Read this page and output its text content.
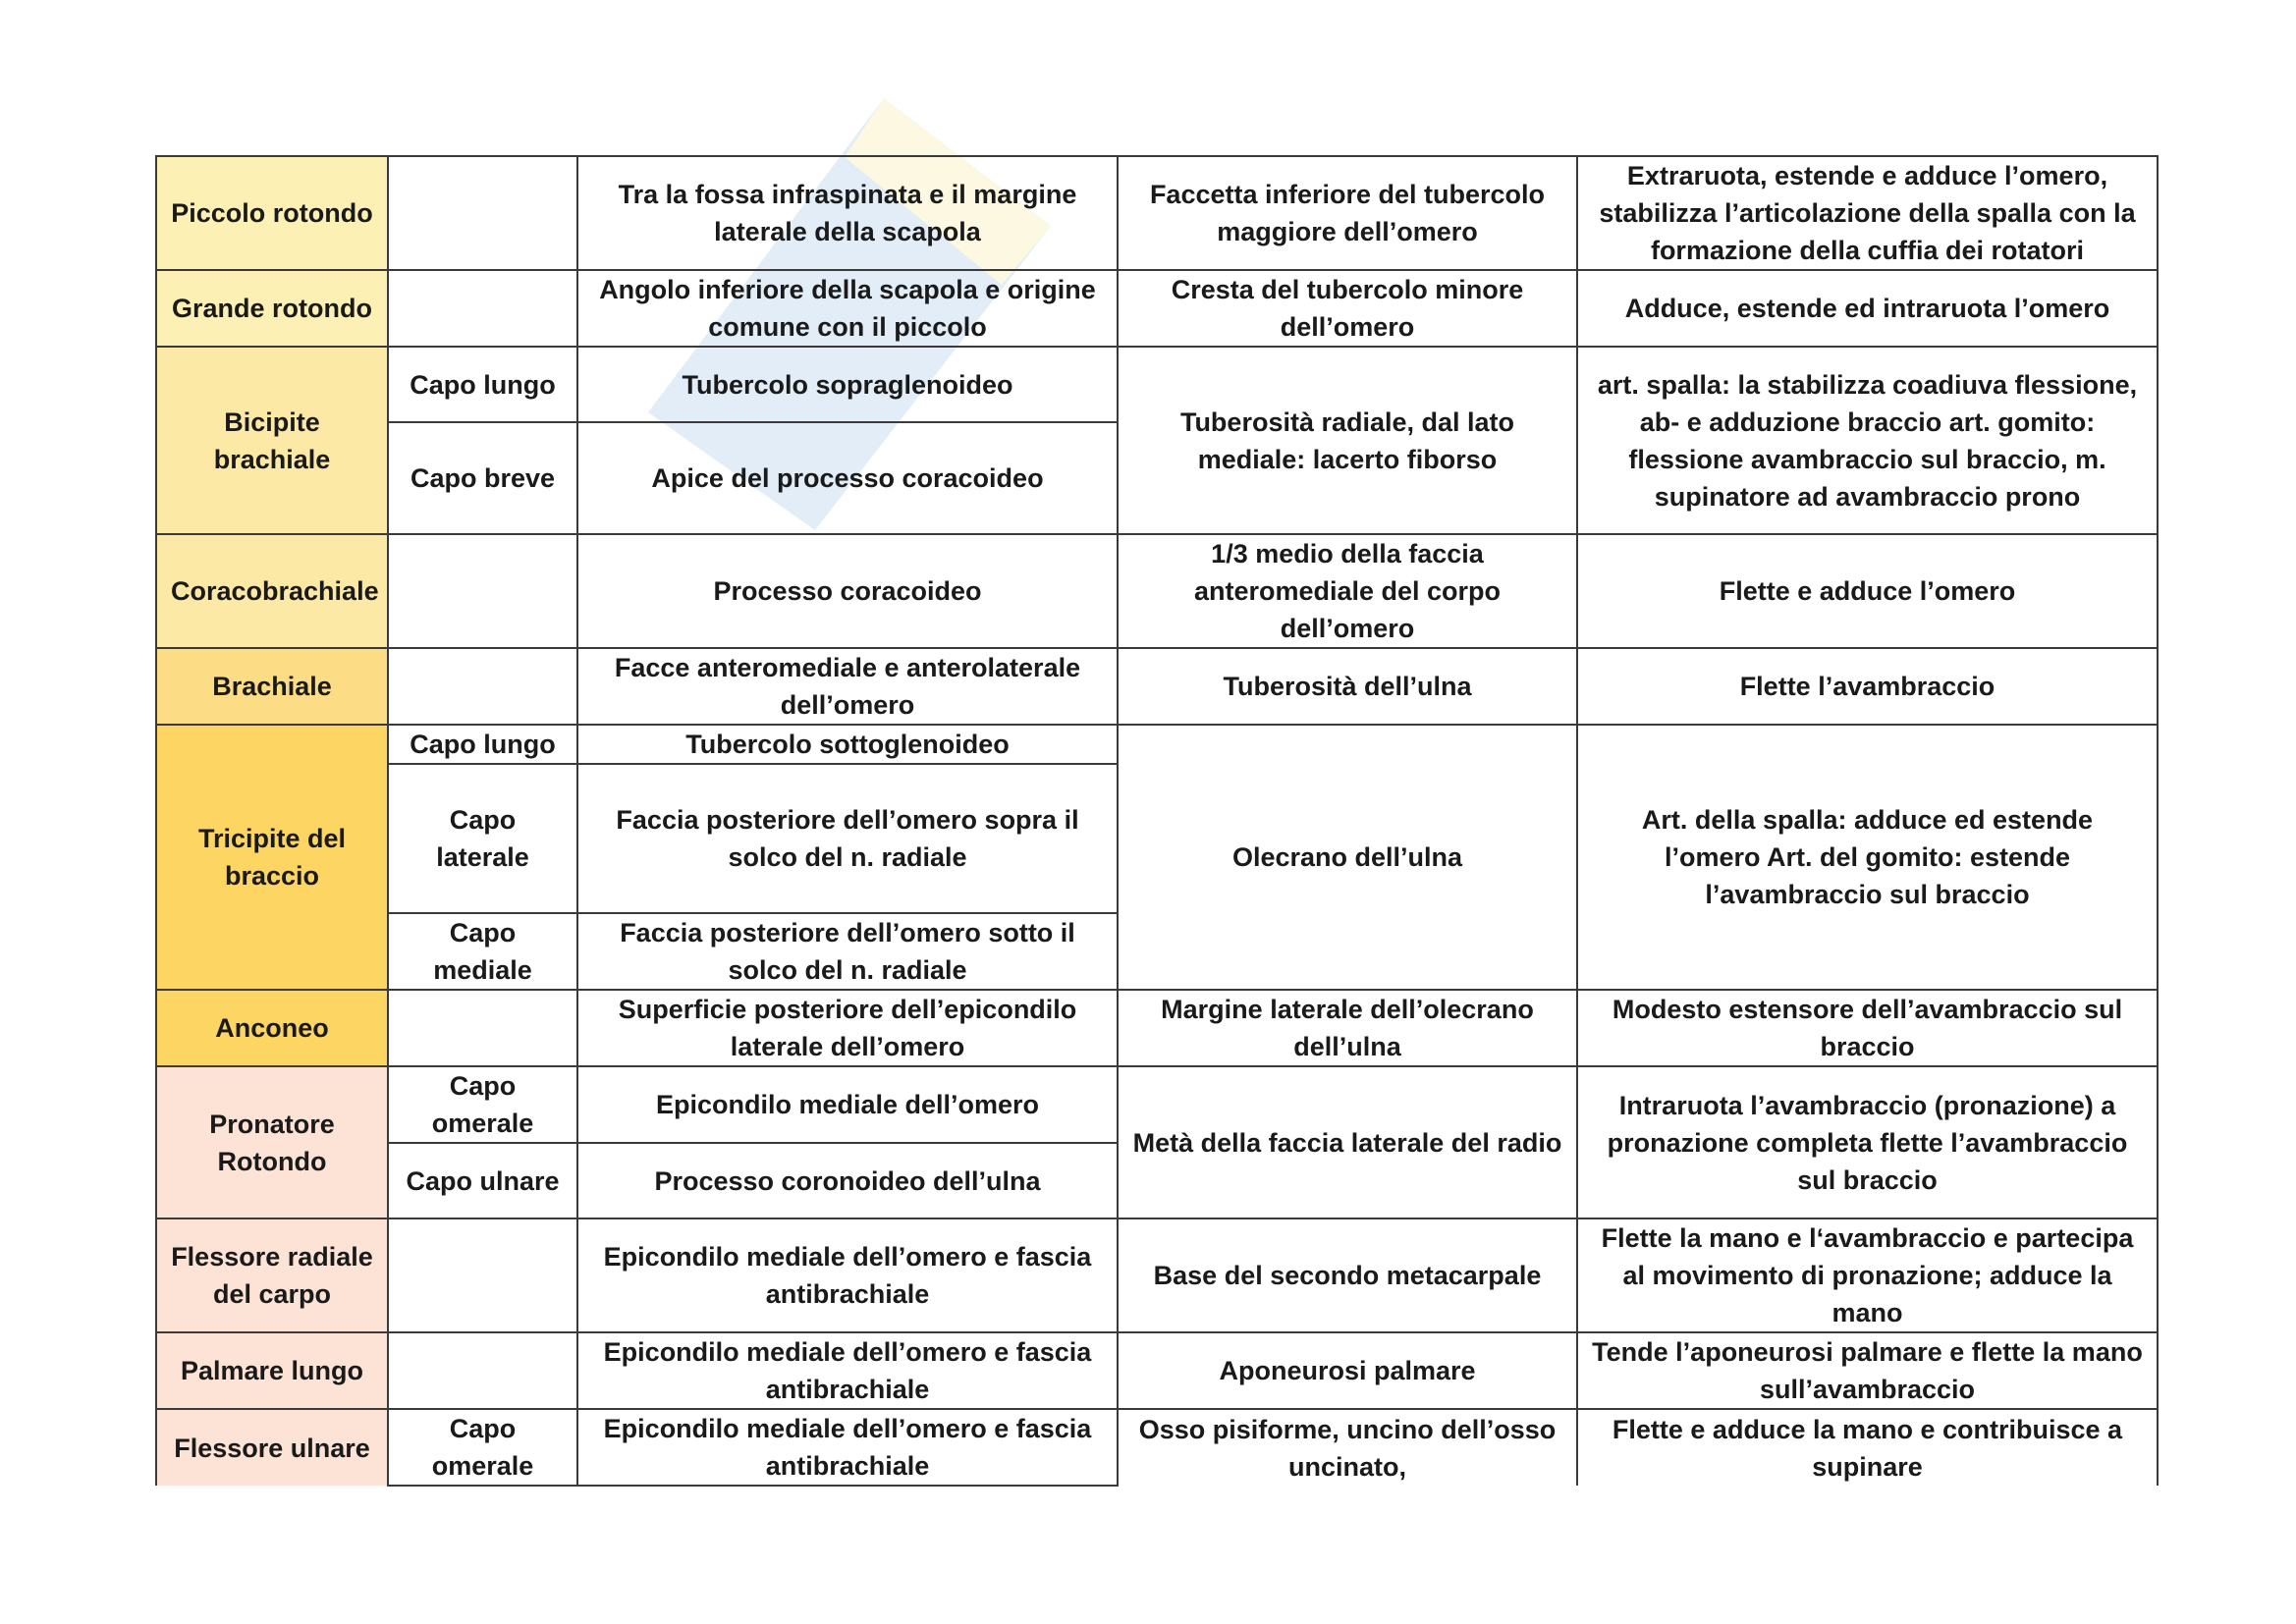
Piccolo rotondo		Tra la fossa infraspinata e il margine laterale della scapola	Faccetta inferiore del tubercolo maggiore dell’omero	Extraruota, estende e adduce l’omero, stabilizza l’articolazione della spalla con la formazione della cuffia dei rotatori
Grande rotondo		Angolo inferiore della scapola e origine comune con il piccolo	Cresta del tubercolo minore dell’omero	Adduce, estende ed intraruota l’omero
Bicipite brachiale	Capo lungo	Tubercolo sopraglenoideo	Tuberosità radiale, dal lato mediale: lacerto fiborso	art. spalla: la stabilizza coadiuva flessione, ab- e adduzione braccio art. gomito: flessione avambraccio sul braccio, m. supinatore ad avambraccio prono
	Capo breve	Apice del processo coracoideo		
Coracobrachiale		Processo coracoideo	1/3 medio della faccia anteromediale del corpo dell’omero	Flette e adduce l’omero
Brachiale		Facce anteromediale e anterolaterale dell’omero	Tuberosità dell’ulna	Flette l’avambraccio
Tricipite del braccio	Capo lungo	Tubercolo sottoglenoideo	Olecrano dell’ulna	Art. della spalla: adduce ed estende l’omero Art. del gomito: estende l’avambraccio sul braccio
	Capo laterale	Faccia posteriore dell’omero sopra il solco del n. radiale		
	Capo mediale	Faccia posteriore dell’omero sotto il solco del n. radiale		
Anconeo		Superficie posteriore dell’epicondilo laterale dell’omero	Margine laterale dell’olecrano dell’ulna	Modesto estensore dell’avambraccio sul braccio
Pronatore Rotondo	Capo omerale	Epicondilo mediale dell’omero	Metà della faccia laterale del radio	Intraruota l’avambraccio (pronazione) a pronazione completa flette l’avambraccio sul braccio
	Capo ulnare	Processo coronoideo dell’ulna		
Flessore radiale del carpo		Epicondilo mediale dell’omero e fascia antibrachiale	Base del secondo metacarpale	Flette la mano e l‘avambraccio e partecipa al movimento di pronazione; adduce la mano
Palmare lungo		Epicondilo mediale dell’omero e fascia antibrachiale	Aponeurosi palmare	Tende l’aponeurosi palmare e flette la mano sull’avambraccio
Flessore ulnare	Capo omerale	Epicondilo mediale dell’omero e fascia antibrachiale	Osso pisiforme, uncino dell’osso uncinato,	Flette e adduce la mano e contribuisce a supinare
